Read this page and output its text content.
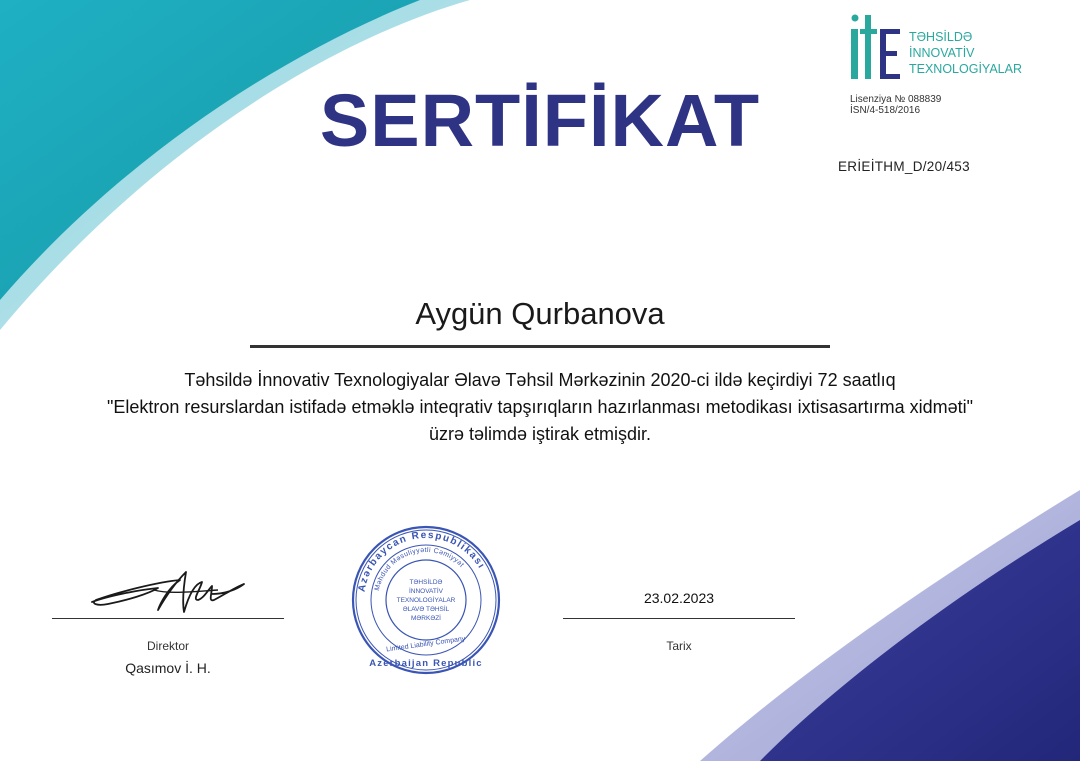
TƏHSİLDƏ
İNNOVATİV
TEXNOLOGİYALAR
Lisenziya № 088839
İSN/4-518/2016
SERTİFİKAT
ERİEİTHM_D/20/453
Aygün Qurbanova
Təhsildə İnnovativ Texnologiyalar Əlavə Təhsil Mərkəzinin 2020-ci ildə keçirdiyi 72 saatlıq
"Elektron resurslardan istifadə etməklə inteqrativ tapşırıqların hazırlanması metodikası ixtisasartırma xidməti"
üzrə təlimdə iştirak etmişdir.
Direktor
Qasımov İ. H.
Azərbaycan Respublikası
Məhdud Məsuliyyətli Cəmiyyət
TƏHSİLDƏ
İNNOVATİV
TEXNOLOGİYALAR
ƏLAVƏ TƏHSİL
MƏRKƏZİ
Limited Liability Company
Azerbaijan Republic
23.02.2023
Tarix
